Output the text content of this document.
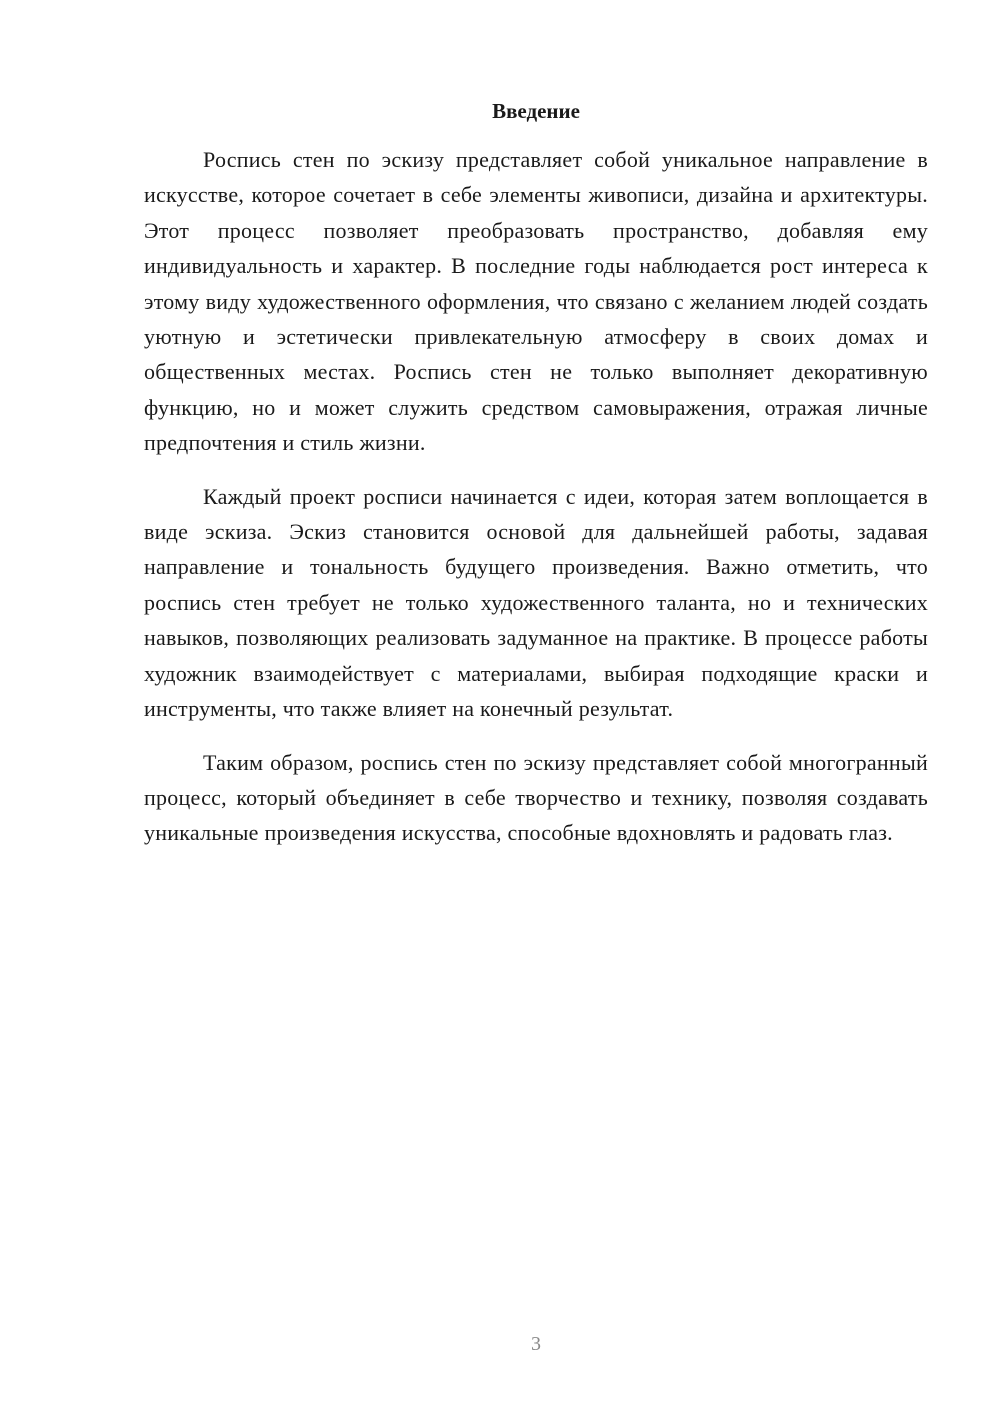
Введение

Роспись стен по эскизу представляет собой уникальное направление в искусстве, которое сочетает в себе элементы живописи, дизайна и архитектуры. Этот процесс позволяет преобразовать пространство, добавляя ему индивидуальность и характер. В последние годы наблюдается рост интереса к этому виду художественного оформления, что связано с желанием людей создать уютную и эстетически привлекательную атмосферу в своих домах и общественных местах. Роспись стен не только выполняет декоративную функцию, но и может служить средством самовыражения, отражая личные предпочтения и стиль жизни.

Каждый проект росписи начинается с идеи, которая затем воплощается в виде эскиза. Эскиз становится основой для дальнейшей работы, задавая направление и тональность будущего произведения. Важно отметить, что роспись стен требует не только художественного таланта, но и технических навыков, позволяющих реализовать задуманное на практике. В процессе работы художник взаимодействует с материалами, выбирая подходящие краски и инструменты, что также влияет на конечный результат.

Таким образом, роспись стен по эскизу представляет собой многогранный процесс, который объединяет в себе творчество и технику, позволяя создавать уникальные произведения искусства, способные вдохновлять и радовать глаз.

3
